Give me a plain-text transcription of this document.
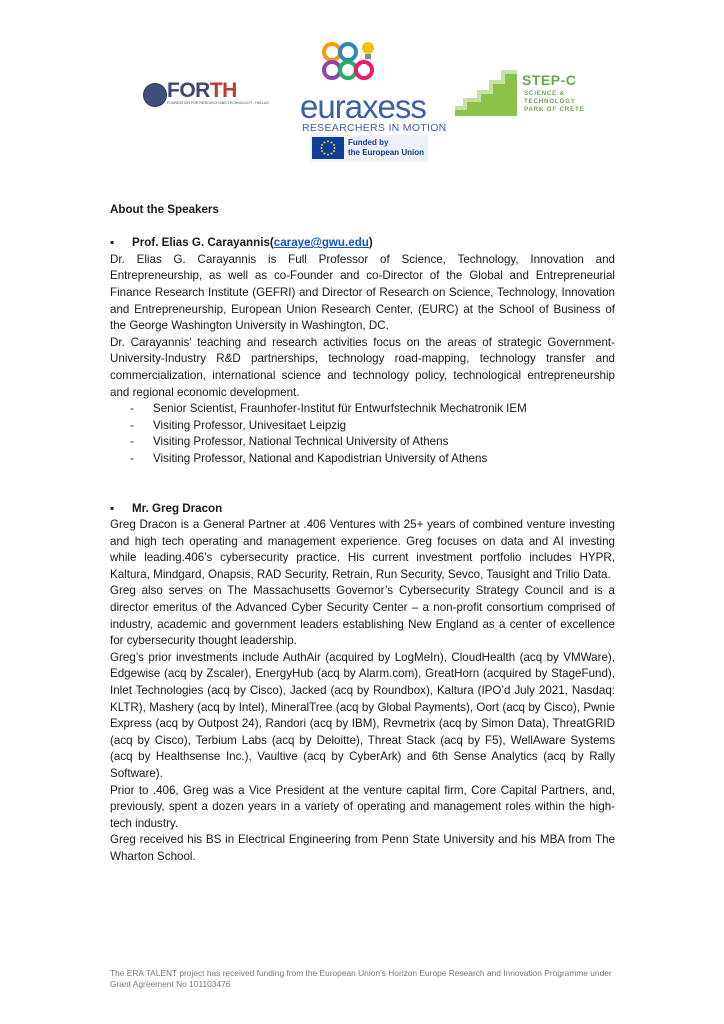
FORTH
FOUNDATION FOR RESEARCH AND TECHNOLOGY - HELLAS euraxess
RESEARCHERS IN MOTION
Funded by
the European Union
STEP-C
SCIENCE &
TECHNOLOGY
PARK OF CRETE
About the Speakers
▪	Prof. Elias G. Carayannis ( caraye@gwu.edu )

Dr. Elias G. Carayannis is Full Professor of Science, Technology, Innovation and Entrepreneurship, as well as co-Founder and co-Director of the Global and Entrepreneurial Finance Research Institute (GEFRI) and Director of Research on Science, Technology, Innovation and Entrepreneurship, European Union Research Center, (EURC) at the School of Business of the George Washington University in Washington, DC.

Dr. Carayannis' teaching and research activities focus on the areas of strategic Government-University-Industry R&D partnerships, technology road-mapping, technology transfer and commercialization, international science and technology policy, technological entrepreneurship and regional economic development.

- Senior Scientist, Fraunhofer-Institut für Entwurfstechnik Mechatronik IEM
- Visiting Professor, Univesitaet Leipzig
- Visiting Professor, National Technical University of Athens
- Visiting Professor, National and Kapodistrian University of Athens
▪	Mr. Greg Dracon

Greg Dracon is a General Partner at .406 Ventures with 25+ years of combined venture investing and high tech operating and management experience. Greg focuses on data and AI investing while leading.406’s cybersecurity practice. His current investment portfolio includes HYPR, Kaltura, Mindgard, Onapsis, RAD Security, Retrain, Run Security, Sevco, Tausight and Trilio Data.

Greg also serves on The Massachusetts Governor’s Cybersecurity Strategy Council and is a director emeritus of the Advanced Cyber Security Center – a non-profit consortium comprised of industry, academic and government leaders establishing New England as a center of excellence for cybersecurity thought leadership.

Greg’s prior investments include AuthAir (acquired by LogMeIn), CloudHealth (acq by VMWare), Edgewise (acq by Zscaler), EnergyHub (acq by Alarm.com), GreatHorn (acquired by StageFund), Inlet Technologies (acq by Cisco), Jacked (acq by Roundbox), Kaltura (IPO’d July 2021, Nasdaq: KLTR), Mashery (acq by Intel), MineralTree (acq by Global Payments), Oort (acq by Cisco), Pwnie Express (acq by Outpost 24), Randori (acq by IBM), Revmetrix (acq by Simon Data), ThreatGRID (acq by Cisco), Terbium Labs (acq by Deloitte), Threat Stack (acq by F5), WellAware Systems (acq by Healthsense Inc.), Vaultive (acq by CyberArk) and 6th Sense Analytics (acq by Rally Software).

Prior to .406, Greg was a Vice President at the venture capital firm, Core Capital Partners, and, previously, spent a dozen years in a variety of operating and management roles within the high-tech industry.

Greg received his BS in Electrical Engineering from Penn State University and his MBA from The Wharton School.

The ERA TALENT project has received funding from the European Union’s Horizon Europe Research and Innovation Programme under Grant Agreement No 101103476
